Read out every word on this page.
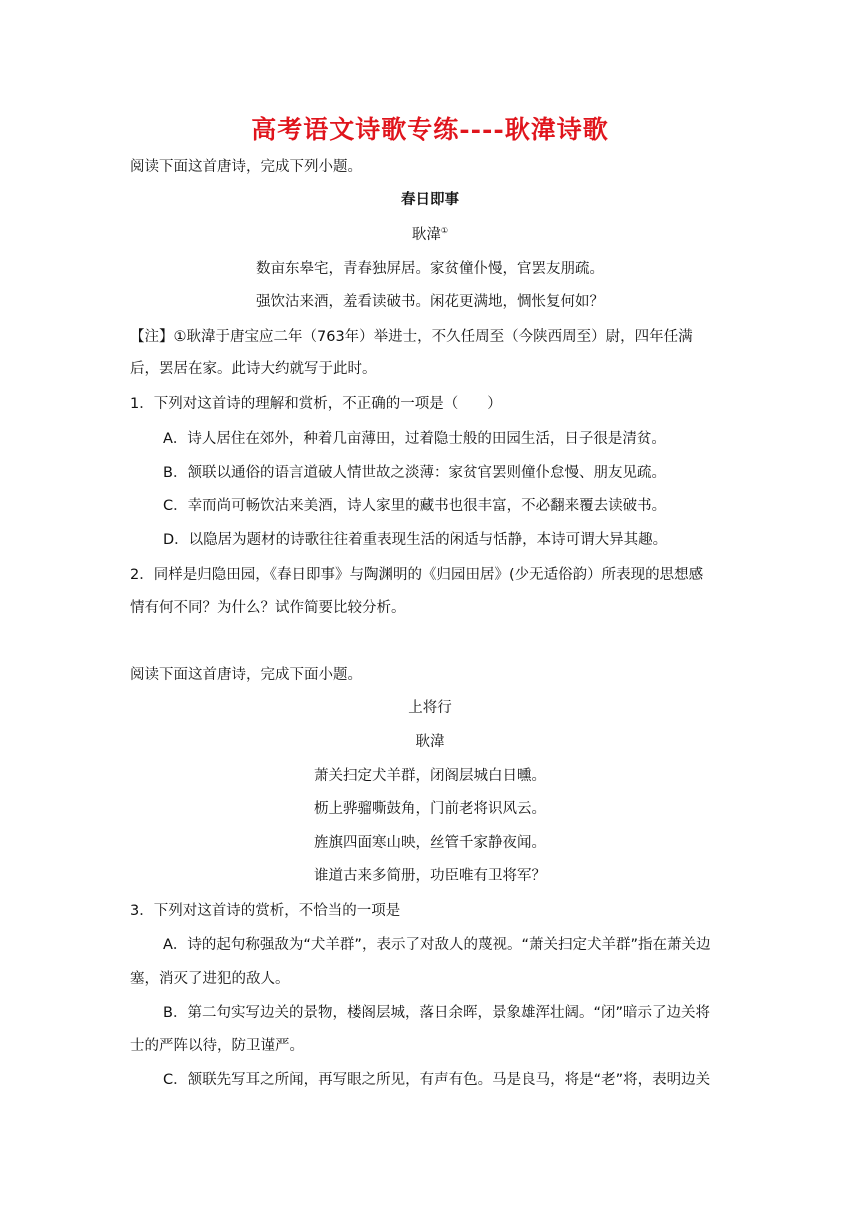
高考语文诗歌专练----耿湋诗歌
阅读下面这首唐诗，完成下列小题。
春日即事
耿湋①
数亩东皋宅，青春独屏居。家贫僮仆慢，官罢友朋疏。
强饮沽来酒，羞看读破书。闲花更满地，惆怅复何如？
【注】①耿湋于唐宝应二年（763年）举进士，不久任周至（今陕西周至）尉，四年任满
后，罢居在家。此诗大约就写于此时。
1．下列对这首诗的理解和赏析，不正确的一项是（　　）
A．诗人居住在郊外，种着几亩薄田，过着隐士般的田园生活，日子很是清贫。
B．颔联以通俗的语言道破人情世故之淡薄：家贫官罢则僮仆怠慢、朋友见疏。
C．幸而尚可畅饮沽来美酒，诗人家里的藏书也很丰富，不必翻来覆去读破书。
D．以隐居为题材的诗歌往往着重表现生活的闲适与恬静，本诗可谓大异其趣。
2．同样是归隐田园，《春日即事》与陶渊明的《归园田居》(少无适俗韵）所表现的思想感
情有何不同？为什么？试作简要比较分析。
阅读下面这首唐诗，完成下面小题。
上将行
耿湋
萧关扫定犬羊群，闭阁层城白日曛。
枥上骅骝嘶鼓角，门前老将识风云。
旌旗四面寒山映，丝管千家静夜闻。
谁道古来多简册，功臣唯有卫将军？
3．下列对这首诗的赏析，不恰当的一项是
A．诗的起句称强敌为“犬羊群”，表示了对敌人的蔑视。“萧关扫定犬羊群”指在萧关边
塞，消灭了进犯的敌人。
B．第二句实写边关的景物，楼阁层城，落日余晖，景象雄浑壮阔。“闭”暗示了边关将
士的严阵以待，防卫谨严。
C．颔联先写耳之所闻，再写眼之所见，有声有色。马是良马，将是“老”将，表明边关
